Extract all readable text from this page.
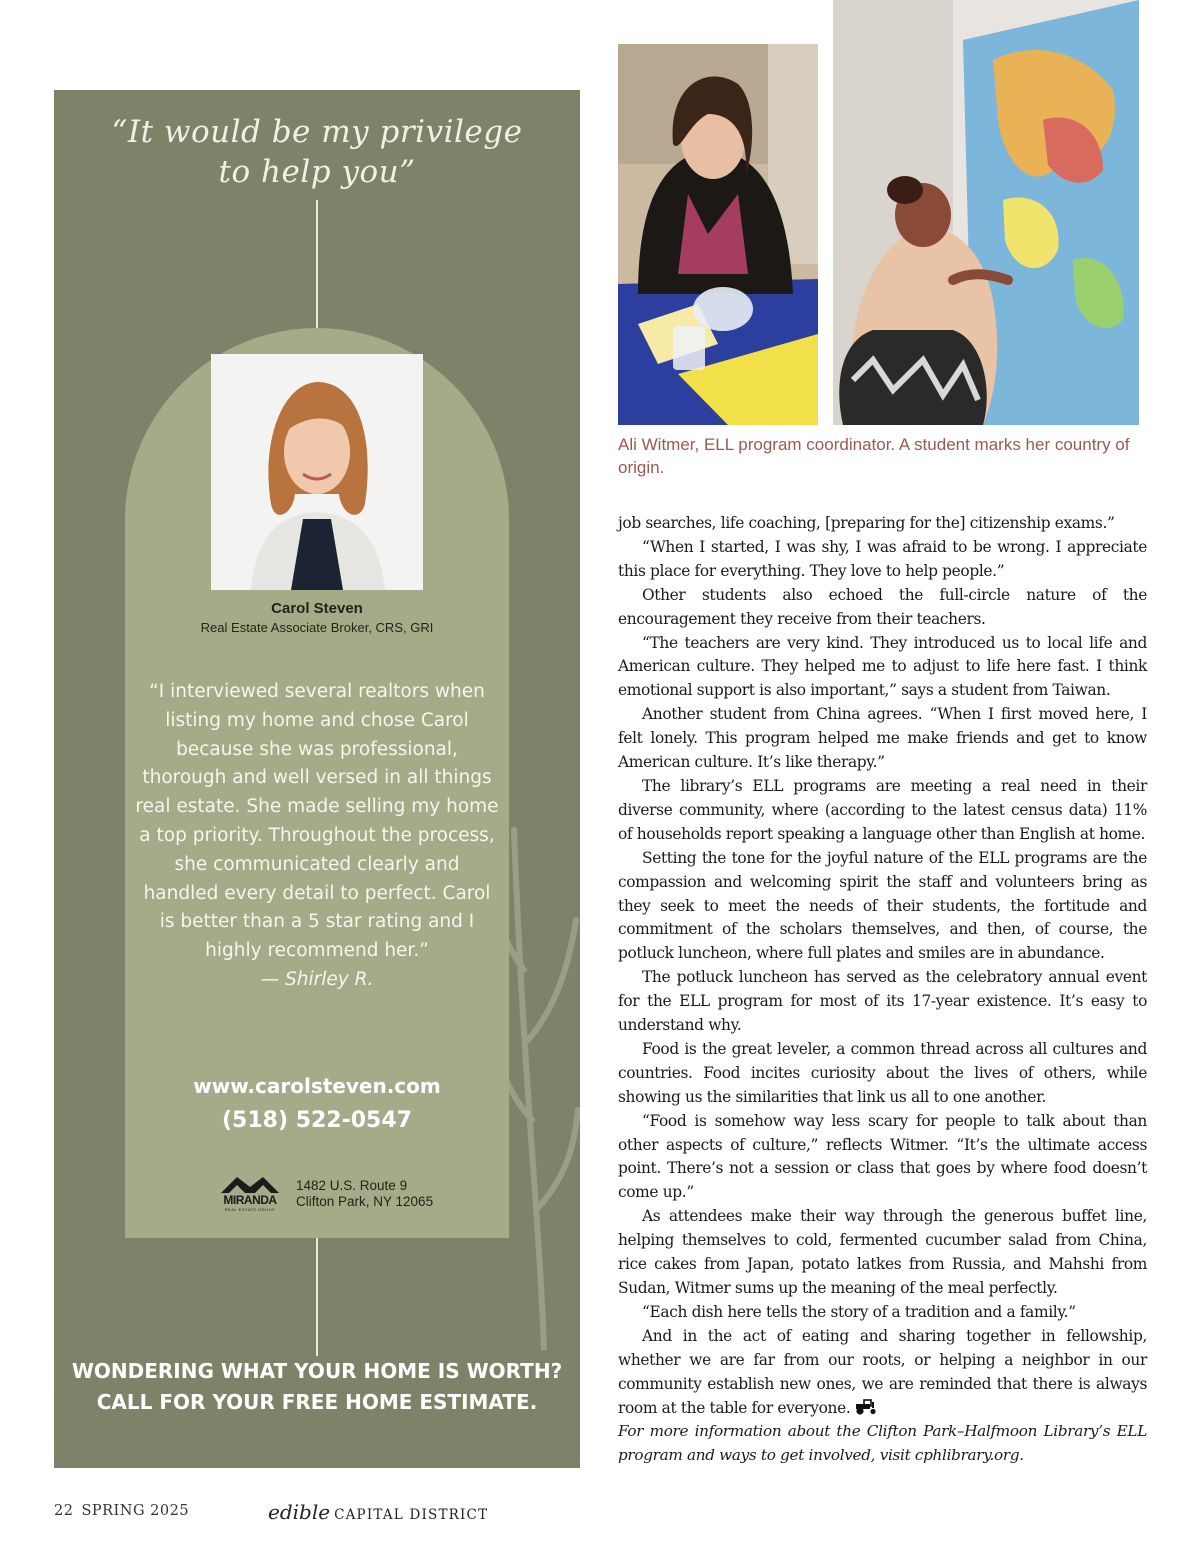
“It would be my privilege
to help you”
Carol Steven
Real Estate Associate Broker, CRS, GRI
“I interviewed several realtors when listing my home and chose Carol because she was professional, thorough and well versed in all things real estate. She made selling my home a top priority. Throughout the process, she communicated clearly and handled every detail to perfect. Carol is better than a 5 star rating and I highly recommend her.”
— Shirley R.
www.carolsteven.com
(518) 522-0547
MIRANDA
REAL ESTATE GROUP
1482 U.S. Route 9
Clifton Park, NY 12065
WONDERING WHAT YOUR HOME IS WORTH?
CALL FOR YOUR FREE HOME ESTIMATE.
Ali Witmer, ELL program coordinator. A student marks her country of origin.

job searches, life coaching, [preparing for the] citizenship exams.”

“When I started, I was shy, I was afraid to be wrong. I appreciate this place for everything. They love to help people.”

Other students also echoed the full-circle nature of the encouragement they receive from their teachers.

“The teachers are very kind. They introduced us to local life and American culture. They helped me to adjust to life here fast. I think emotional support is also important,” says a student from Taiwan.

Another student from China agrees. “When I first moved here, I felt lonely. This program helped me make friends and get to know American culture. It’s like therapy.”

The library’s ELL programs are meeting a real need in their diverse community, where (according to the latest census data) 11% of households report speaking a language other than English at home.

Setting the tone for the joyful nature of the ELL programs are the compassion and welcoming spirit the staff and volunteers bring as they seek to meet the needs of their students, the fortitude and commitment of the scholars themselves, and then, of course, the potluck luncheon, where full plates and smiles are in abundance.

The potluck luncheon has served as the celebratory annual event for the ELL program for most of its 17-year existence. It’s easy to understand why.

Food is the great leveler, a common thread across all cultures and countries. Food incites curiosity about the lives of others, while showing us the similarities that link us all to one another.

“Food is somehow way less scary for people to talk about than other aspects of culture,” reflects Witmer. “It’s the ultimate access point. There’s not a session or class that goes by where food doesn’t come up.”

As attendees make their way through the generous buffet line, helping themselves to cold, fermented cucumber salad from China, rice cakes from Japan, potato latkes from Russia, and Mahshi from Sudan, Witmer sums up the meaning of the meal perfectly.

“Each dish here tells the story of a tradition and a family.”

And in the act of eating and sharing together in fellowship, whether we are far from our roots, or helping a neighbor in our community establish new ones, we are reminded that there is always room at the table for everyone.

For more information about the Clifton Park–Halfmoon Library’s ELL program and ways to get involved, visit cphlibrary.org.
22 SPRING 2025	edible CAPITAL DISTRICT
